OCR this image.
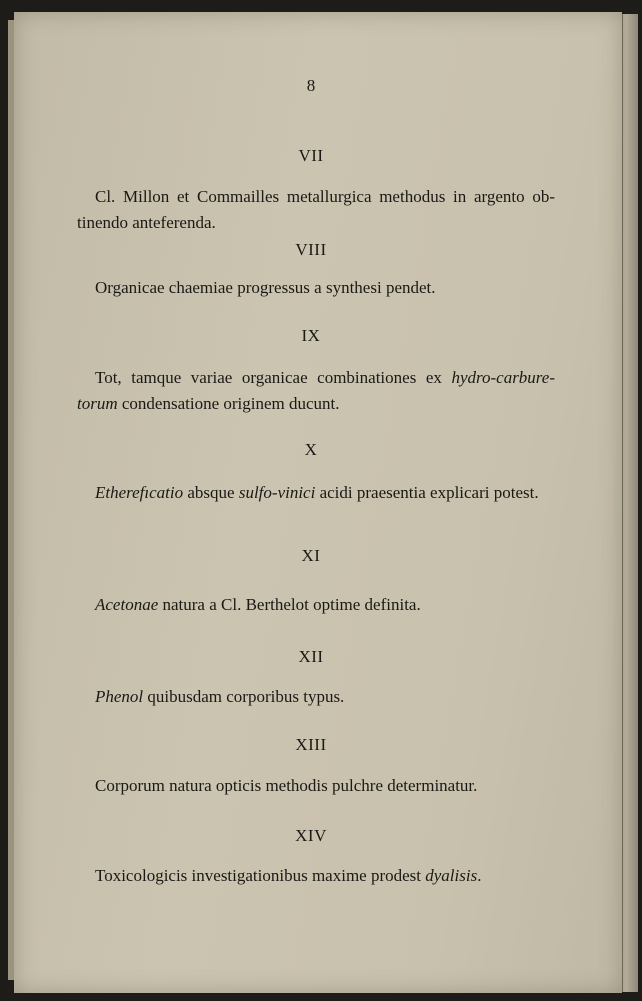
8
VII
Cl. Millon et Commailles metallurgica methodus in argento ob-
tinendo anteferenda.
VIII
Organicae chaemiae progressus a synthesi pendet.
IX
Tot, tamque variae organicae combinationes ex hydro-carbure-
torum condensatione originem ducunt.
X
Etherefıcatio absque sulfo-vinici acidi praesentia explicari potest.
XI
Acetonae natura a Cl. Berthelot optime definita.
XII
Phenol quibusdam corporibus typus.
XIII
Corporum natura opticis methodis pulchre determinatur.
XIV
Toxicologicis investigationibus maxime prodest dyalisis.
